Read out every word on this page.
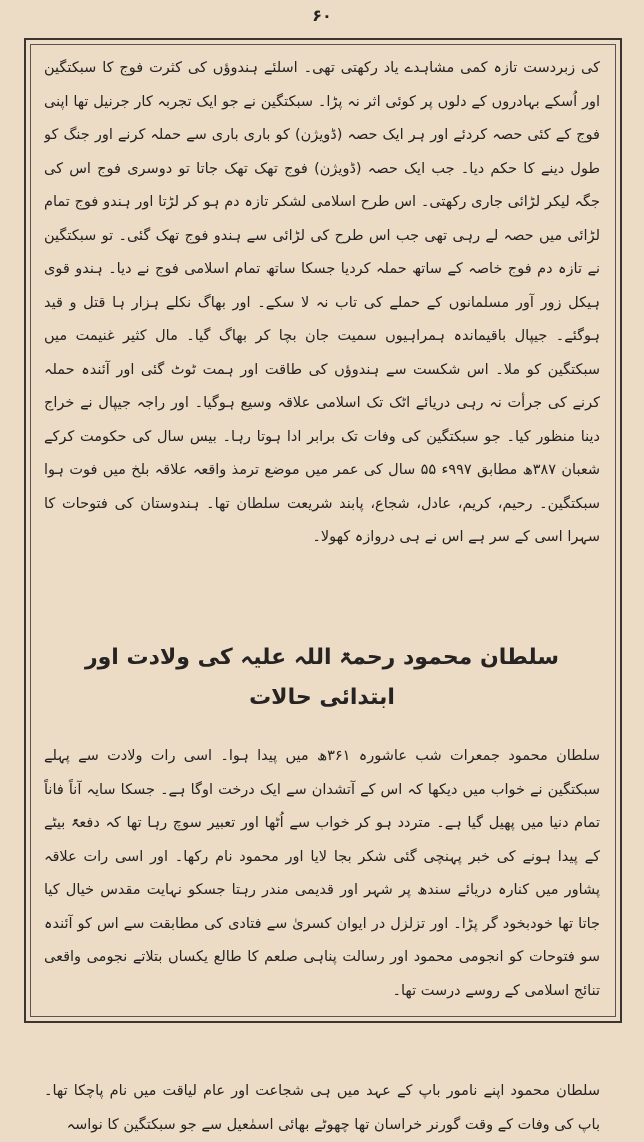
۶۰

کی زبردست تازہ کمی مشاہدے یاد رکھتی تھی۔ اسلئے ہندوؤں کی کثرت فوج کا سبکتگین اور اُسکے بہادروں کے دلوں پر کوئی اثر نہ پڑا۔ سبکتگین نے جو ایک تجربہ کار جرنیل تھا اپنی فوج کے کئی حصہ کردئے اور ہر ایک حصہ (ڈویژن) کو باری باری سے حملہ کرنے اور جنگ کو طول دینے کا حکم دیا۔ جب ایک حصہ (ڈویژن) فوج تھک تھک جاتا تو دوسری فوج اس کی جگہ لیکر لڑائی جاری رکھتی۔ اس طرح اسلامی لشکر تازہ دم ہو کر لڑتا اور ہندو فوج تمام لڑائی میں حصہ لے رہی تھی جب اس طرح کی لڑائی سے ہندو فوج تھک گئی۔ تو سبکتگین نے تازہ دم فوج خاصہ کے ساتھ حملہ کردیا جسکا ساتھ تمام اسلامی فوج نے دیا۔ ہندو قوی ہیکل زور آور مسلمانوں کے حملے کی تاب نہ لا سکے۔ اور بھاگ نکلے ہزار ہا قتل و قید ہوگئے۔ جیپال باقیماندہ ہمراہیوں سمیت جان بچا کر بھاگ گیا۔ مال کثیر غنیمت میں سبکتگین کو ملا۔ اس شکست سے ہندوؤں کی طاقت اور ہمت ٹوٹ گئی اور آئندہ حملہ کرنے کی جرأت نہ رہی دریائے اٹک تک اسلامی علاقہ وسیع ہوگیا۔ اور راجہ جیپال نے خراج دینا منظور کیا۔ جو سبکتگین کی وفات تک برابر ادا ہوتا رہا۔ بیس سال کی حکومت کرکے شعبان ۳۸۷ھ مطابق ۹۹۷ء ۵۵ سال کی عمر میں موضع ترمذ واقعہ علاقہ بلخ میں فوت ہوا سبکتگین۔ رحیم، کریم، عادل، شجاع، پابند شریعت سلطان تھا۔ ہندوستان کی فتوحات کا سہرا اسی کے سر ہے اس نے ہی دروازہ کھولا۔

سلطان محمود رحمۃ اللہ علیہ کی ولادت اور ابتدائی حالات

سلطان محمود جمعرات شب عاشورہ ۳۶۱ھ میں پیدا ہوا۔ اسی رات ولادت سے پہلے سبکتگین نے خواب میں دیکھا کہ اس کے آتشدان سے ایک درخت اوگا ہے۔ جسکا سایہ آناً فاناً تمام دنیا میں پھیل گیا ہے۔ متردد ہو کر خواب سے اُٹھا اور تعبیر سوچ رہا تھا کہ دفعۃً بیٹے کے پیدا ہونے کی خبر پہنچی گئی شکر بجا لایا اور محمود نام رکھا۔ اور اسی رات علاقہ پشاور میں کنارہ دریائے سندھ پر شہر اور قدیمی مندر رہتا جسکو نہایت مقدس خیال کیا جاتا تھا خودبخود گر پڑا۔ اور تزلزل در ایوان کسریٰ سے فتادی کی مطابقت سے اس کو آئندہ سو فتوحات کو انجومی محمود اور رسالت پناہی صلعم کا طالع یکساں بتلاتے نجومی واقعی تنائج اسلامی کے روسے درست تھا۔

سلطان محمود اپنے نامور باپ کے عہد میں ہی شجاعت اور عام لیاقت میں نام پاچکا تھا۔ باپ کی وفات کے وقت گورنر خراسان تھا چھوٹے بھائی اسمٰعیل سے جو سبکتگین کا نواسہ
